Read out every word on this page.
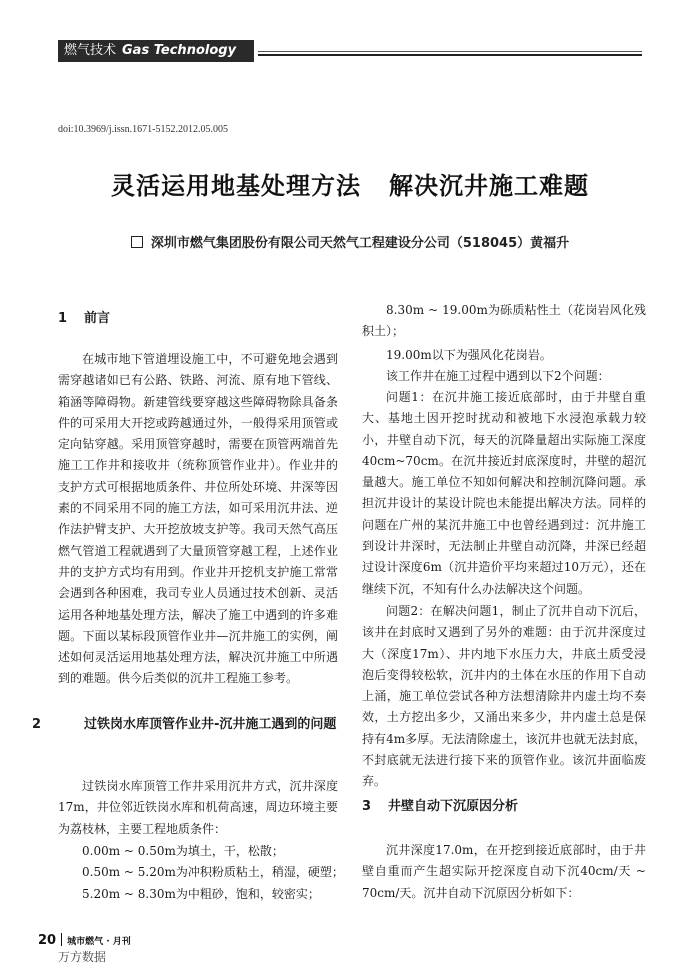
燃气技术 Gas Technology
doi:10.3969/j.issn.1671-5152.2012.05.005
灵活运用地基处理方法 解决沉井施工难题
深圳市燃气集团股份有限公司天然气工程建设分公司（518045）黄福升
1 前言
在城市地下管道埋设施工中，不可避免地会遇到需穿越诸如已有公路、铁路、河流、原有地下管线、箱涵等障碍物。新建管线要穿越这些障碍物除具备条件的可采用大开挖或跨越通过外，一般得采用顶管或定向钻穿越。采用顶管穿越时，需要在顶管两端首先施工工作井和接收井（统称顶管作业井）。作业井的支护方式可根据地质条件、井位所处环境、井深等因素的不同采用不同的施工方法，如可采用沉井法、逆作法护臂支护、大开挖放坡支护等。我司天然气高压燃气管道工程就遇到了大量顶管穿越工程，上述作业井的支护方式均有用到。作业井开挖机支护施工常常会遇到各种困难，我司专业人员通过技术创新、灵活运用各种地基处理方法，解决了施工中遇到的许多难题。下面以某标段顶管作业井—沉井施工的实例，阐述如何灵活运用地基处理方法，解决沉井施工中所遇到的难题。供今后类似的沉井工程施工参考。
2	过铁岗水库顶管作业井-沉井施工遇到的问题
过铁岗水库顶管工作井采用沉井方式，沉井深度17m，井位邻近铁岗水库和机荷高速，周边环境主要为荔枝林，主要工程地质条件：
0.00m ~ 0.50m为填土，干，松散；
0.50m ~ 5.20m为冲积粉质粘土，稍湿，硬塑；
5.20m ~ 8.30m为中粗砂，饱和，较密实；
8.30m ~ 19.00m为砾质粘性土（花岗岩风化残积土）；
19.00m以下为强风化花岗岩。
该工作井在施工过程中遇到以下2个问题：
问题1：在沉井施工接近底部时，由于井壁自重大、基地土因开挖时扰动和被地下水浸泡承载力较小，井壁自动下沉，每天的沉降量超出实际施工深度40cm~70cm。在沉井接近封底深度时，井壁的超沉量越大。施工单位不知如何解决和控制沉降问题。承担沉井设计的某设计院也未能提出解决方法。同样的问题在广州的某沉井施工中也曾经遇到过：沉井施工到设计井深时，无法制止井壁自动沉降，井深已经超过设计深度6m（沉井造价平均来超过10万元），还在继续下沉，不知有什么办法解决这个问题。
问题2：在解决问题1，制止了沉井自动下沉后，该井在封底时又遇到了另外的难题：由于沉井深度过大（深度17m）、井内地下水压力大，井底土质受浸泡后变得较松软，沉井内的土体在水压的作用下自动上涌，施工单位尝试各种方法想清除井内虚土均不奏效，土方挖出多少，又涌出来多少，井内虚土总是保持有4m多厚。无法清除虚土，该沉井也就无法封底，不封底就无法进行接下来的顶管作业。该沉井面临废弃。
3 井壁自动下沉原因分析
沉井深度17.0m，在开挖到接近底部时，由于井壁自重而产生超实际开挖深度自动下沉40cm/天 ~ 70cm/天。沉井自动下沉原因分析如下：
20 城市燃气 · 月刊
万方数据
